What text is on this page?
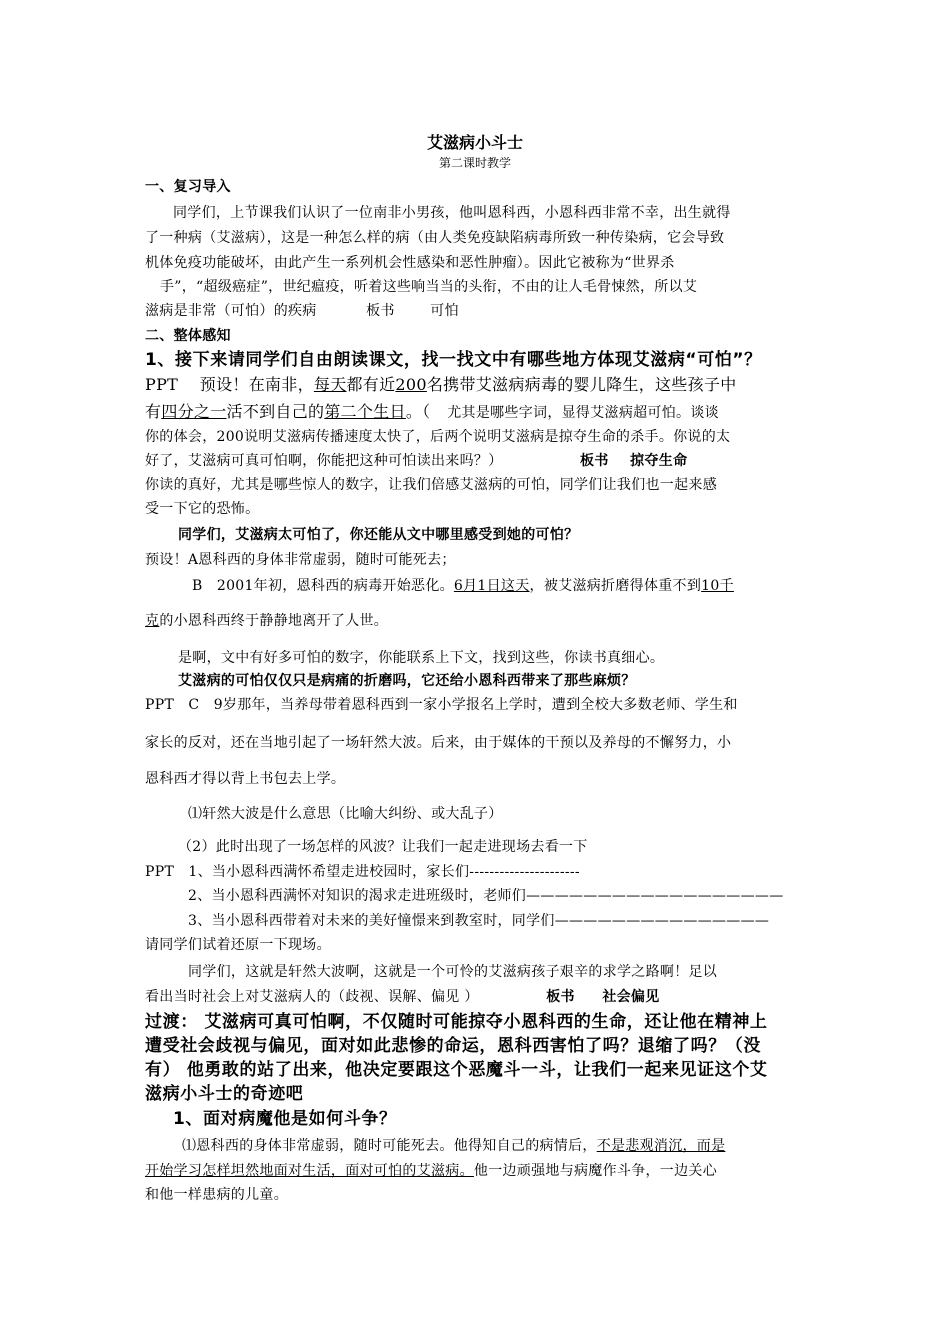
艾滋病小斗士
第二课时教学
一、复习导入
同学们，上节课我们认识了一位南非小男孩，他叫恩科西，小恩科西非常不幸，出生就得
了一种病（艾滋病），这是一种怎么样的病（由人类免疫缺陷病毒所致一种传染病，它会导致
机体免疫功能破坏，由此产生一系列机会性感染和恶性肿瘤）。因此它被称为“世界杀
手”，“超级癌症”，世纪瘟疫，听着这些响当当的头衔，不由的让人毛骨悚然，所以艾
滋病是非常（可怕）的疾病	板书	可怕
二、整体感知
1、接下来请同学们自由朗读课文，找一找文中有哪些地方体现艾滋病“可怕”？
PPT　 预设！在南非，每天都有近200名携带艾滋病病毒的婴儿降生，这些孩子中
有四分之一活不到自己的第二个生日。（ 尤其是哪些字词，显得艾滋病超可怕。谈谈
你的体会，200说明艾滋病传播速度太快了，后两个说明艾滋病是掠夺生命的杀手。你说的太
好了，艾滋病可真可怕啊，你能把这种可怕读出来吗？）	板书 掠夺生命
你读的真好，尤其是哪些惊人的数字，让我们倍感艾滋病的可怕，同学们让我们也一起来感
受一下它的恐怖。
同学们，艾滋病太可怕了，你还能从文中哪里感受到她的可怕？
预设！A恩科西的身体非常虚弱，随时可能死去；
B　2001年初，恩科西的病毒开始恶化。6月1日这天，被艾滋病折磨得体重不到10千
克的小恩科西终于静静地离开了人世。
是啊，文中有好多可怕的数字，你能联系上下文，找到这些，你读书真细心。
艾滋病的可怕仅仅只是病痛的折磨吗，它还给小恩科西带来了那些麻烦？
PPT　C　9岁那年，当养母带着恩科西到一家小学报名上学时，遭到全校大多数老师、学生和
家长的反对，还在当地引起了一场轩然大波。后来，由于媒体的干预以及养母的不懈努力，小
恩科西才得以背上书包去上学。
⑴轩然大波是什么意思（比喻大纠纷、或大乱子）
（2）此时出现了一场怎样的风波？让我们一起走进现场去看一下
PPT　1、当小恩科西满怀希望走进校园时，家长们----------------------
2、当小恩科西满怀对知识的渴求走进班级时，老师们——————————————————
3、当小恩科西带着对未来的美好憧憬来到教室时，同学们———————————————
请同学们试着还原一下现场。
同学们，这就是轩然大波啊，这就是一个可怜的艾滋病孩子艰辛的求学之路啊！足以
看出当时社会上对艾滋病人的（歧视、误解、偏见 ）	板书 社会偏见
过渡： 艾滋病可真可怕啊，不仅随时可能掠夺小恩科西的生命，还让他在精神上
遭受社会歧视与偏见，面对如此悲惨的命运，恩科西害怕了吗？退缩了吗？（没
有） 他勇敢的站了出来，他决定要跟这个恶魔斗一斗，让我们一起来见证这个艾
滋病小斗士的奇迹吧
1、面对病魔他是如何斗争？
⑴恩科西的身体非常虚弱，随时可能死去。他得知自己的病情后，不是悲观消沉，而是
开始学习怎样坦然地面对生活，面对可怕的艾滋病。他一边顽强地与病魔作斗争，一边关心
和他一样患病的儿童。
